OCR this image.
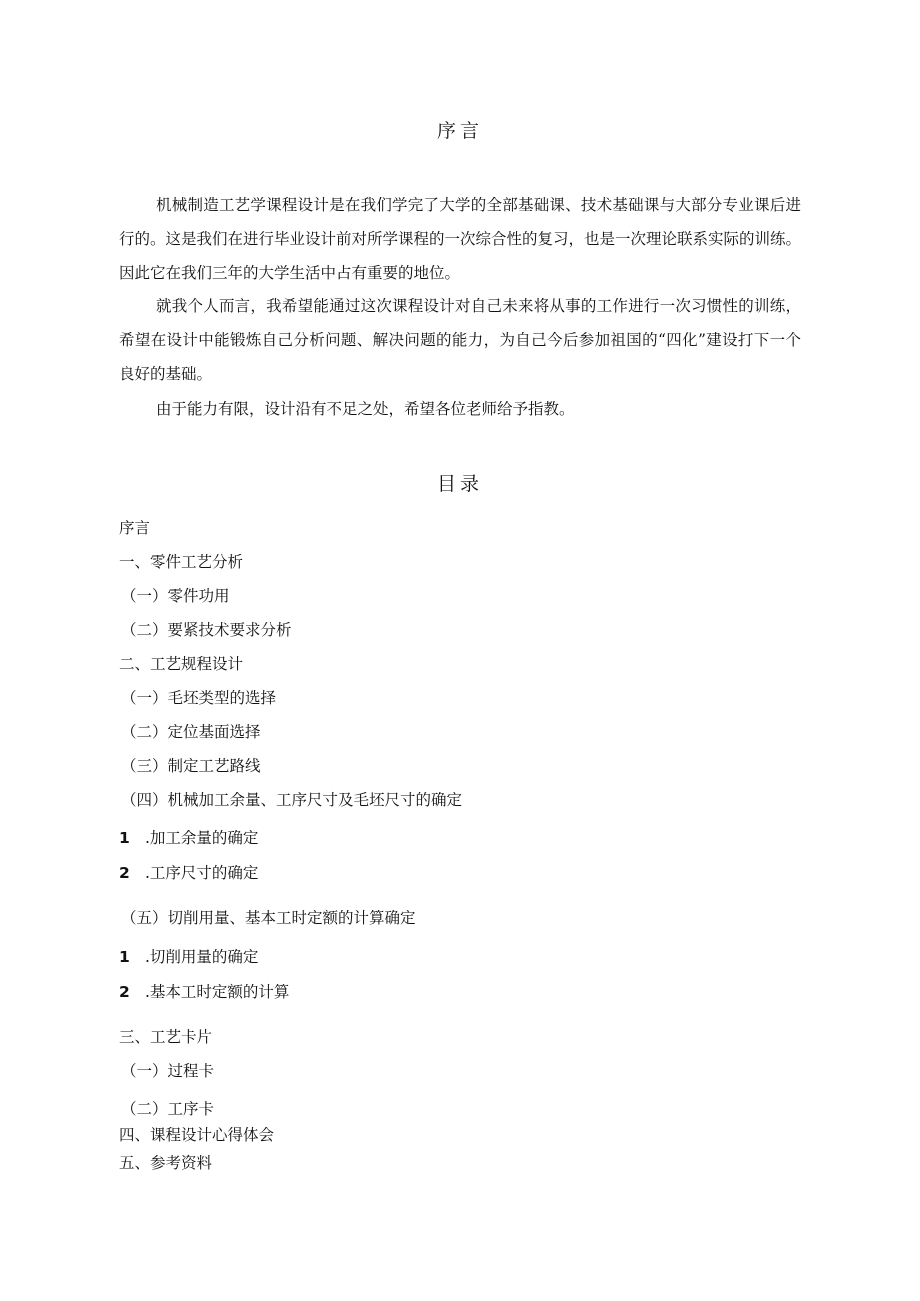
序言

机械制造工艺学课程设计是在我们学完了大学的全部基础课、技术基础课与大部分专业课后进行的。这是我们在进行毕业设计前对所学课程的一次综合性的复习，也是一次理论联系实际的训练。因此它在我们三年的大学生活中占有重要的地位。

就我个人而言，我希望能通过这次课程设计对自己未来将从事的工作进行一次习惯性的训练，希望在设计中能锻炼自己分析问题、解决问题的能力，为自己今后参加祖国的“四化”建设打下一个良好的基础。

由于能力有限，设计沿有不足之处，希望各位老师给予指教。

目录
序言
一、零件工艺分析
（一）零件功用
（二）要紧技术要求分析
二、工艺规程设计
（一）毛坯类型的选择
（二）定位基面选择
（三）制定工艺路线
（四）机械加工余量、工序尺寸及毛坯尺寸的确定
1 .加工余量的确定
2 .工序尺寸的确定
（五）切削用量、基本工时定额的计算确定
1 .切削用量的确定
2 .基本工时定额的计算
三、工艺卡片
（一）过程卡
（二）工序卡
四、课程设计心得体会
五、参考资料
